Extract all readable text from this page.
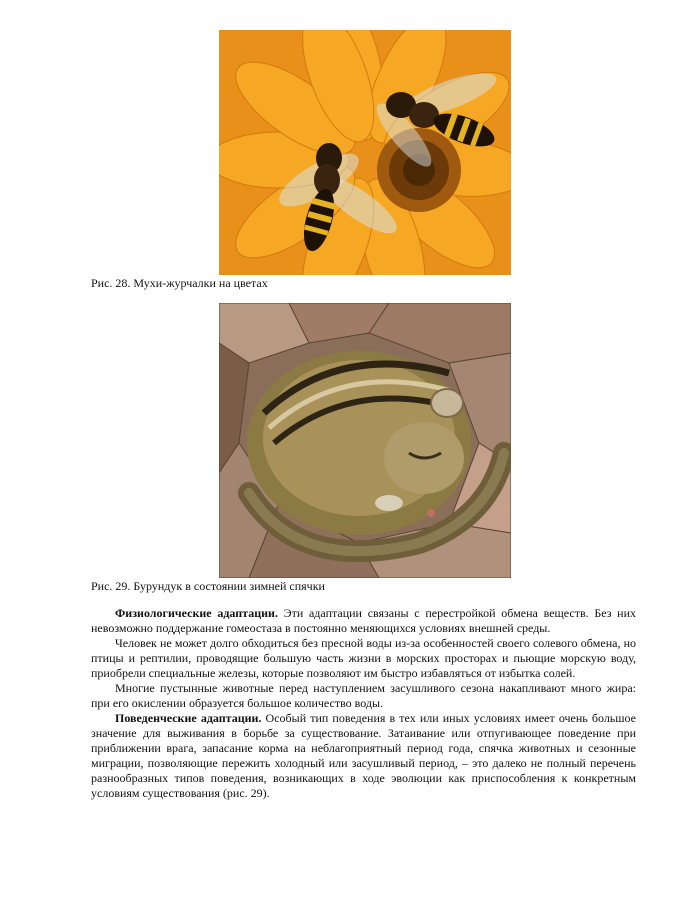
Рис. 28. Мухи-журчалки на цветах
Рис. 29. Бурундук в состоянии зимней спячки

Физиологические адаптации. Эти адаптации связаны с перестройкой обмена веществ. Без них невозможно поддержание гомеостаза в постоянно меняющихся условиях внешней среды.

Человек не может долго обходиться без пресной воды из-за особенностей своего солевого обмена, но птицы и рептилии, проводящие большую часть жизни в морских просторах и пьющие морскую воду, приобрели специальные железы, которые позволяют им быстро избавляться от избытка солей.

Многие пустынные животные перед наступлением засушливого сезона накапливают много жира: при его окислении образуется большое количество воды.

Поведенческие адаптации. Особый тип поведения в тех или иных условиях имеет очень большое значение для выживания в борьбе за существование. Затаивание или отпугивающее поведение при приближении врага, запасание корма на неблагоприятный период года, спячка животных и сезонные миграции, позволяющие пережить холодный или засушливый период, – это далеко не полный перечень разнообразных типов поведения, возникающих в ходе эволюции как приспособления к конкретным условиям существования (рис. 29).
